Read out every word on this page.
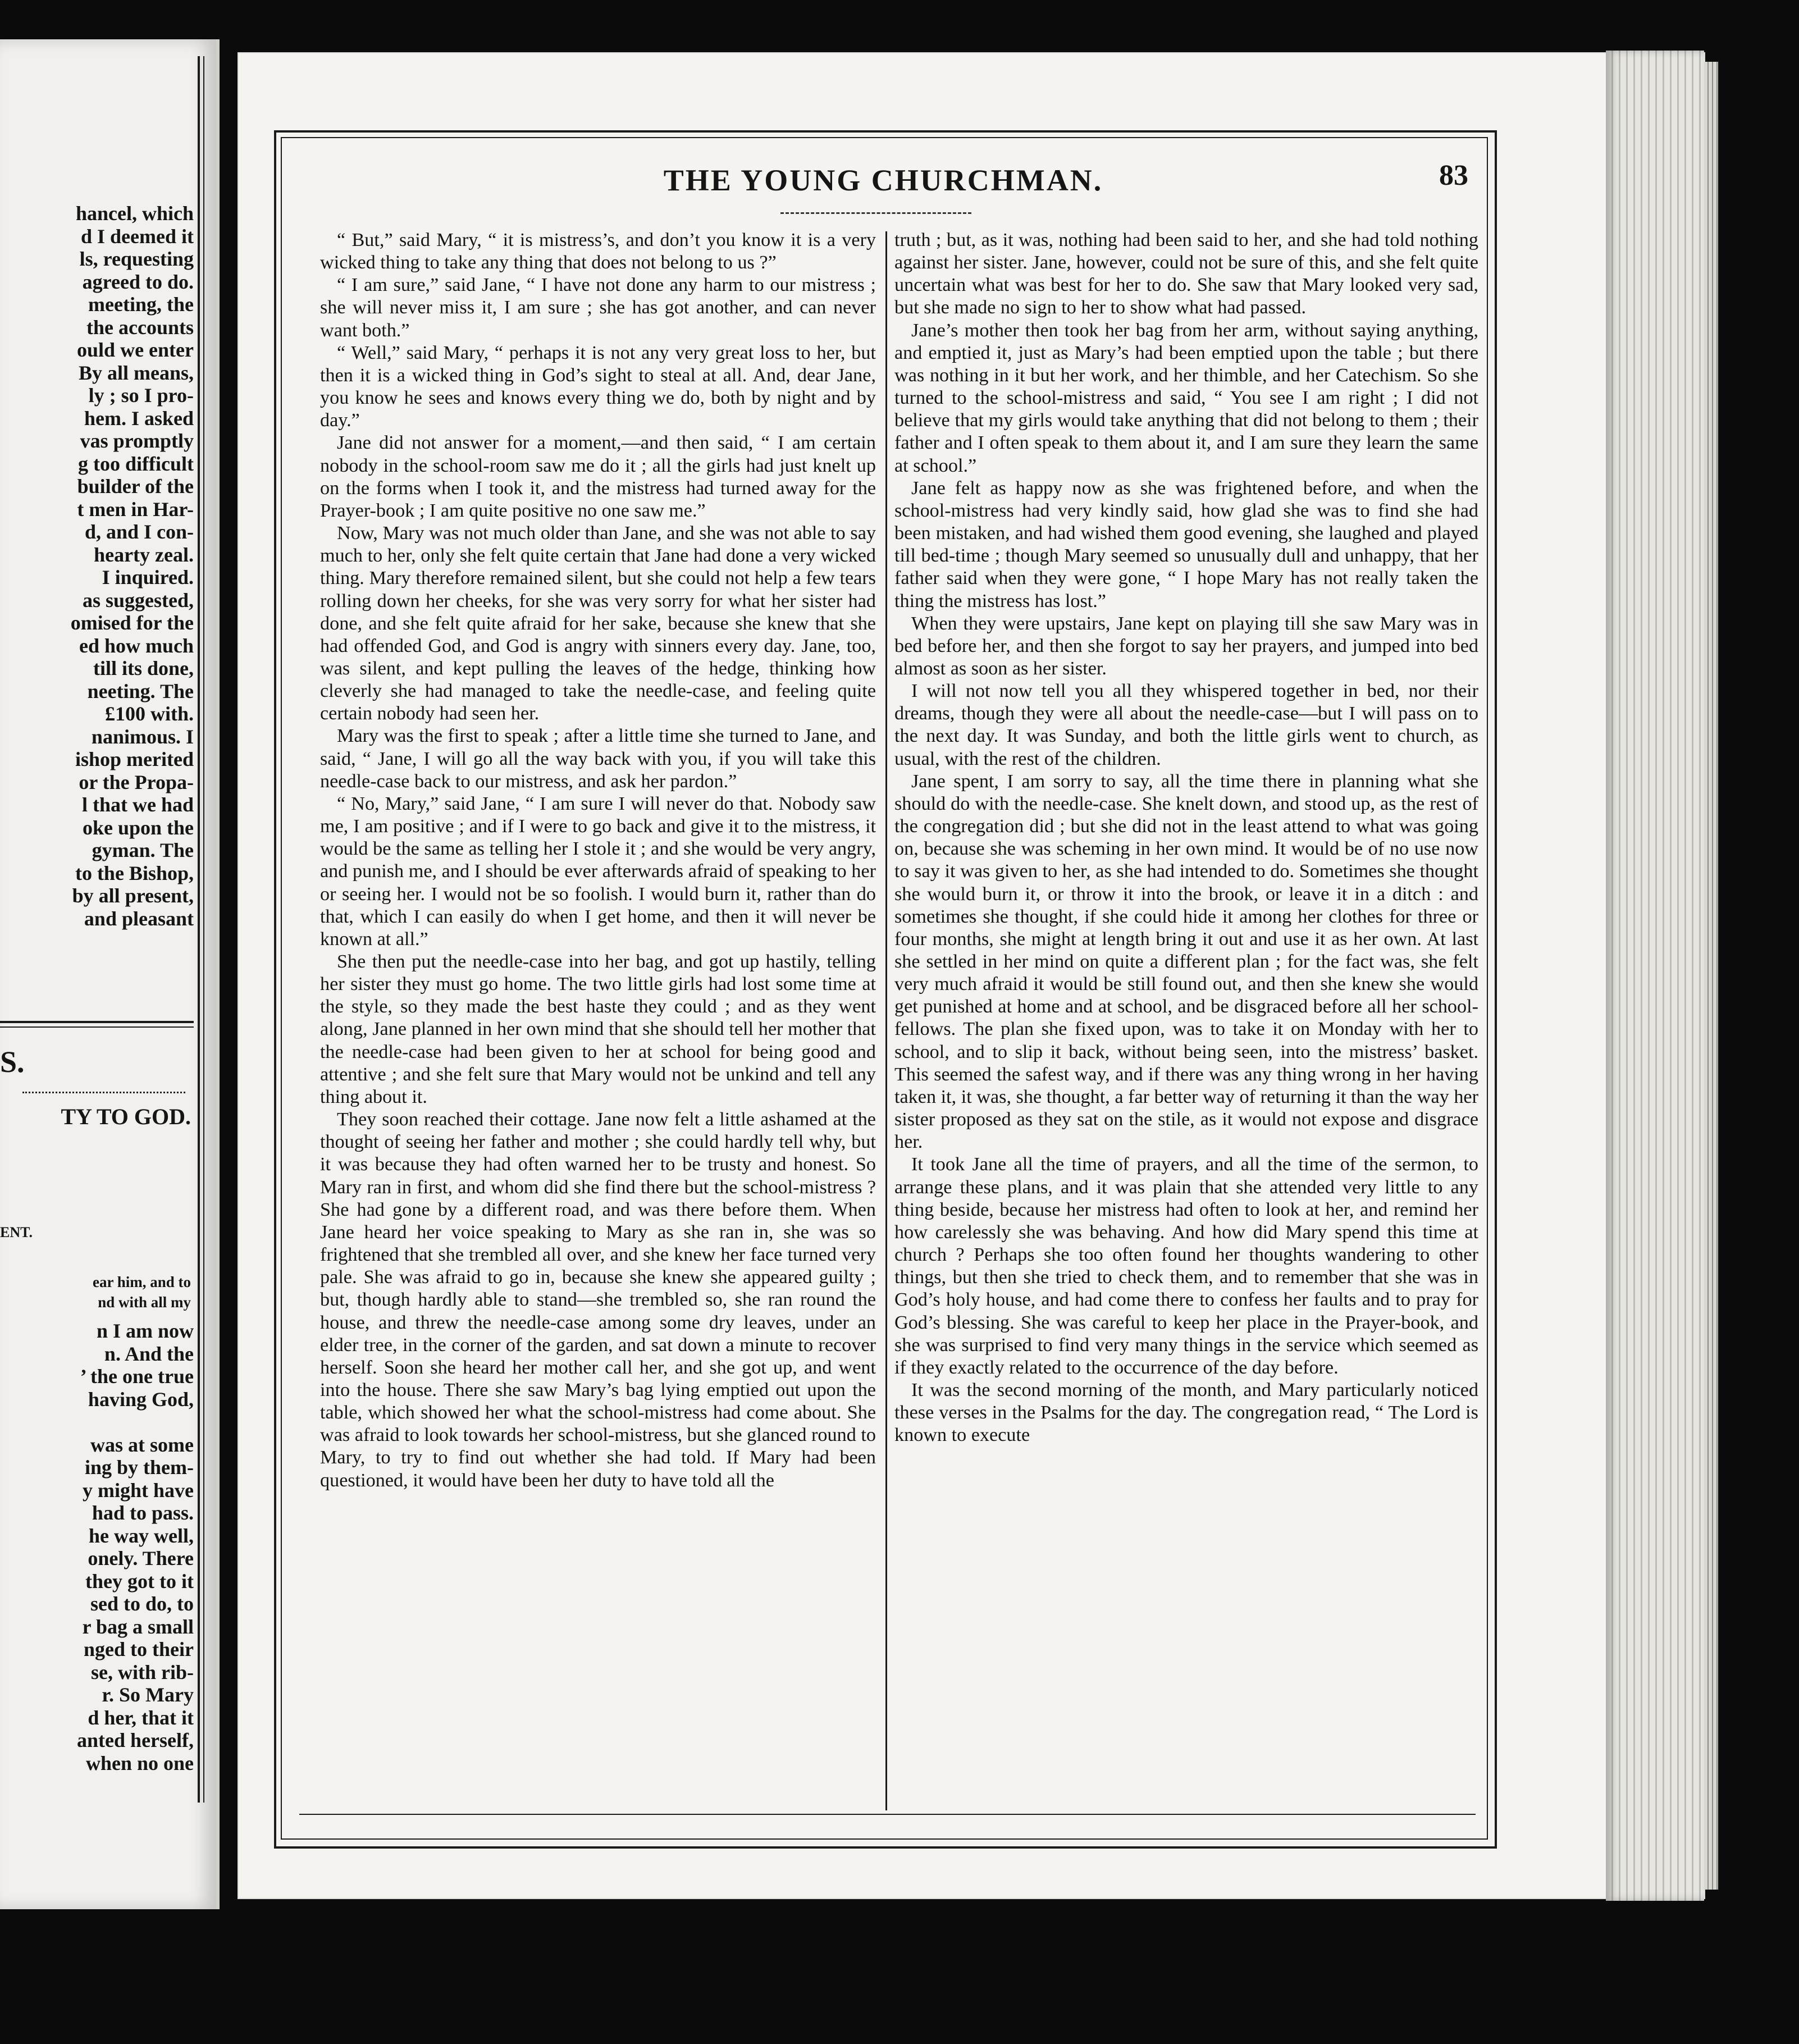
hancel, which
d I deemed it
ls, requesting
agreed to do.
meeting, the
the accounts
ould we enter
By all means,
ly ; so I pro-
hem. I asked
vas promptly
g too difficult
builder of the
t men in Har-
d, and I con-
hearty zeal.
I inquired.
as suggested,
omised for the
ed how much
till its done,
neeting. The
£100 with.
nanimous. I
ishop merited
or the Propa-
l that we had
oke upon the
gyman. The
to the Bishop,
by all present,
and pleasant
S.
TY TO GOD.
ENT.
ear him, and to
nd with all my
n I am now
n. And the
’ the one true
having God,
was at some
ing by them-
y might have
had to pass.
he way well,
onely. There
they got to it
sed to do, to
r bag a small
nged to their
se, with rib-
r. So Mary
d her, that it
anted herself,
when no one
THE YOUNG CHURCHMAN.	83

“ But,” said Mary, “ it is mistress’s, and don’t you know it is a very wicked thing to take any thing that does not belong to us ?”

“ I am sure,” said Jane, “ I have not done any harm to our mistress ; she will never miss it, I am sure ; she has got another, and can never want both.”

“ Well,” said Mary, “ perhaps it is not any very great loss to her, but then it is a wicked thing in God’s sight to steal at all. And, dear Jane, you know he sees and knows every thing we do, both by night and by day.”

Jane did not answer for a moment,—and then said, “ I am certain nobody in the school-room saw me do it ; all the girls had just knelt up on the forms when I took it, and the mistress had turned away for the Prayer-book ; I am quite positive no one saw me.”

Now, Mary was not much older than Jane, and she was not able to say much to her, only she felt quite certain that Jane had done a very wicked thing. Mary therefore remained silent, but she could not help a few tears rolling down her cheeks, for she was very sorry for what her sister had done, and she felt quite afraid for her sake, because she knew that she had offended God, and God is angry with sinners every day. Jane, too, was silent, and kept pulling the leaves of the hedge, thinking how cleverly she had managed to take the needle-case, and feeling quite certain nobody had seen her.

Mary was the first to speak ; after a little time she turned to Jane, and said, “ Jane, I will go all the way back with you, if you will take this needle-case back to our mistress, and ask her pardon.”

“ No, Mary,” said Jane, “ I am sure I will never do that. Nobody saw me, I am positive ; and if I were to go back and give it to the mistress, it would be the same as telling her I stole it ; and she would be very angry, and punish me, and I should be ever afterwards afraid of speaking to her or seeing her. I would not be so foolish. I would burn it, rather than do that, which I can easily do when I get home, and then it will never be known at all.”

She then put the needle-case into her bag, and got up hastily, telling her sister they must go home. The two little girls had lost some time at the style, so they made the best haste they could ; and as they went along, Jane planned in her own mind that she should tell her mother that the needle-case had been given to her at school for being good and attentive ; and she felt sure that Mary would not be unkind and tell any thing about it.

They soon reached their cottage. Jane now felt a little ashamed at the thought of seeing her father and mother ; she could hardly tell why, but it was because they had often warned her to be trusty and honest. So Mary ran in first, and whom did she find there but the school-mistress ? She had gone by a different road, and was there before them. When Jane heard her voice speaking to Mary as she ran in, she was so frightened that she trembled all over, and she knew her face turned very pale. She was afraid to go in, because she knew she appeared guilty ; but, though hardly able to stand—she trembled so, she ran round the house, and threw the needle-case among some dry leaves, under an elder tree, in the corner of the garden, and sat down a minute to recover herself. Soon she heard her mother call her, and she got up, and went into the house. There she saw Mary’s bag lying emptied out upon the table, which showed her what the school-mistress had come about. She was afraid to look towards her school-mistress, but she glanced round to Mary, to try to find out whether she had told. If Mary had been questioned, it would have been her duty to have told all the

truth ; but, as it was, nothing had been said to her, and she had told nothing against her sister. Jane, however, could not be sure of this, and she felt quite uncertain what was best for her to do. She saw that Mary looked very sad, but she made no sign to her to show what had passed.

Jane’s mother then took her bag from her arm, without saying anything, and emptied it, just as Mary’s had been emptied upon the table ; but there was nothing in it but her work, and her thimble, and her Catechism. So she turned to the school-mistress and said, “ You see I am right ; I did not believe that my girls would take anything that did not belong to them ; their father and I often speak to them about it, and I am sure they learn the same at school.”

Jane felt as happy now as she was frightened before, and when the school-mistress had very kindly said, how glad she was to find she had been mistaken, and had wished them good evening, she laughed and played till bed-time ; though Mary seemed so unusually dull and unhappy, that her father said when they were gone, “ I hope Mary has not really taken the thing the mistress has lost.”

When they were upstairs, Jane kept on playing till she saw Mary was in bed before her, and then she forgot to say her prayers, and jumped into bed almost as soon as her sister.

I will not now tell you all they whispered together in bed, nor their dreams, though they were all about the needle-case—but I will pass on to the next day. It was Sunday, and both the little girls went to church, as usual, with the rest of the children.

Jane spent, I am sorry to say, all the time there in planning what she should do with the needle-case. She knelt down, and stood up, as the rest of the congregation did ; but she did not in the least attend to what was going on, because she was scheming in her own mind. It would be of no use now to say it was given to her, as she had intended to do. Sometimes she thought she would burn it, or throw it into the brook, or leave it in a ditch : and sometimes she thought, if she could hide it among her clothes for three or four months, she might at length bring it out and use it as her own. At last she settled in her mind on quite a different plan ; for the fact was, she felt very much afraid it would be still found out, and then she knew she would get punished at home and at school, and be disgraced before all her school-fellows. The plan she fixed upon, was to take it on Monday with her to school, and to slip it back, without being seen, into the mistress’ basket. This seemed the safest way, and if there was any thing wrong in her having taken it, it was, she thought, a far better way of returning it than the way her sister proposed as they sat on the stile, as it would not expose and disgrace her.

It took Jane all the time of prayers, and all the time of the sermon, to arrange these plans, and it was plain that she attended very little to any thing beside, because her mistress had often to look at her, and remind her how carelessly she was behaving. And how did Mary spend this time at church ? Perhaps she too often found her thoughts wandering to other things, but then she tried to check them, and to remember that she was in God’s holy house, and had come there to confess her faults and to pray for God’s blessing. She was careful to keep her place in the Prayer-book, and she was surprised to find very many things in the service which seemed as if they exactly related to the occurrence of the day before.

It was the second morning of the month, and Mary particularly noticed these verses in the Psalms for the day. The congregation read, “ The Lord is known to execute
